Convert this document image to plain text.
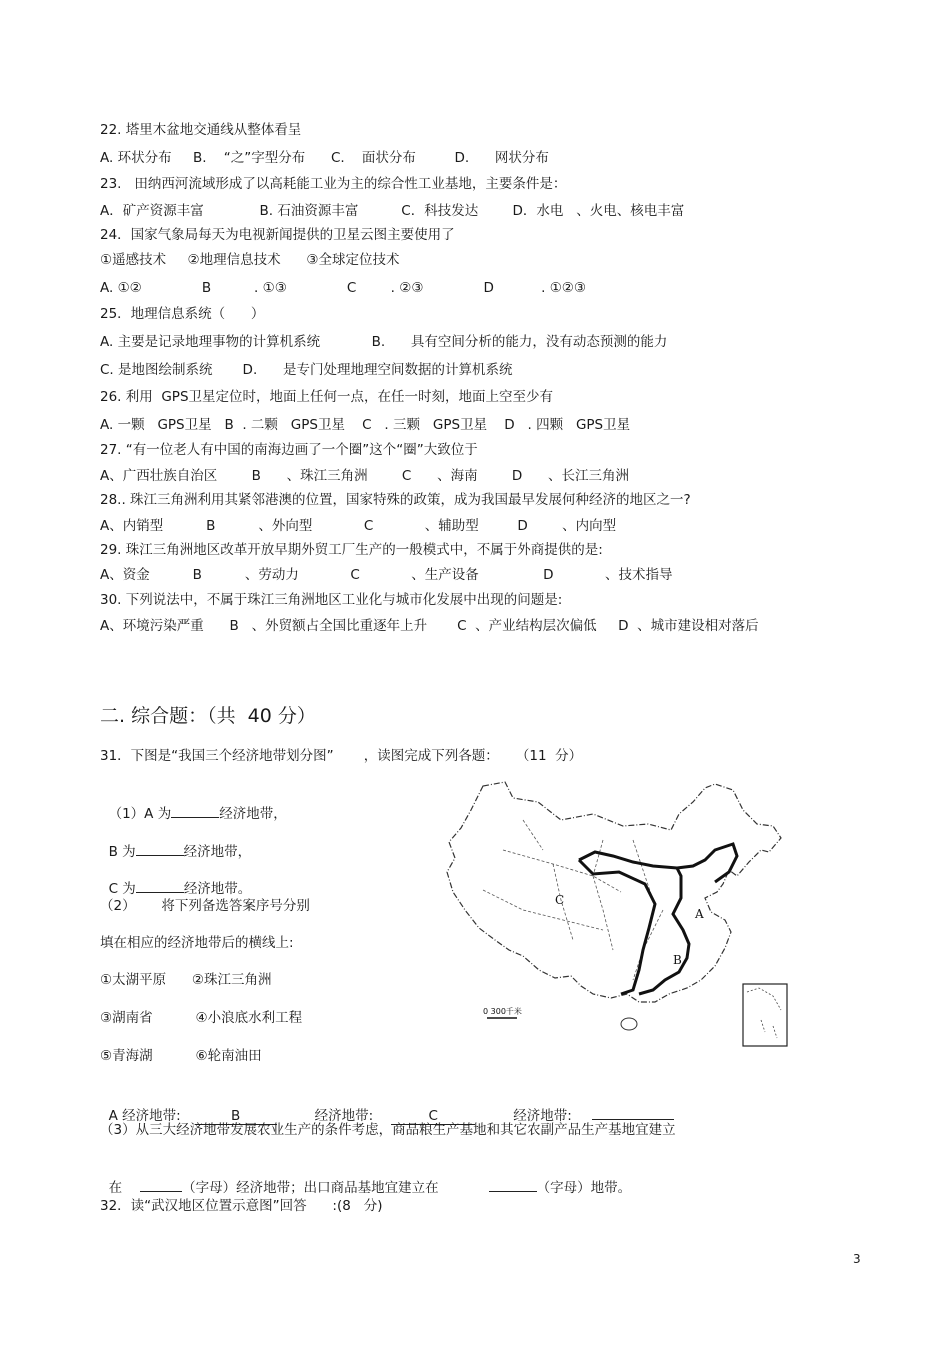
22. 塔里木盆地交通线从整体看呈
A. 环状分布     B.    “之”字型分布      C.    面状分布         D.      网状分布
23.   田纳西河流域形成了以高耗能工业为主的综合性工业基地，主要条件是：
A．矿产资源丰富             B. 石油资源丰富          C．科技发达        D．水电   、火电、核电丰富
24．国家气象局每天为电视新闻提供的卫星云图主要使用了
①遥感技术     ②地理信息技术      ③全球定位技术
A. ①②              B          . ①③              C        . ②③              D           . ①②③
25．地理信息系统（      ）
A. 主要是记录地理事物的计算机系统            B.      具有空间分析的能力，没有动态预测的能力
C. 是地图绘制系统       D.      是专门处理地理空间数据的计算机系统
26. 利用  GPS卫星定位时，地面上任何一点，在任一时刻，地面上空至少有
A. 一颗   GPS卫星   B  . 二颗   GPS卫星    C   . 三颗   GPS卫星    D   . 四颗   GPS卫星
27. “有一位老人有中国的南海边画了一个圈”这个“圈”大致位于
A、广西壮族自治区        B      、珠江三角洲        C      、海南        D      、长江三角洲
28.. 珠江三角洲利用其紧邻港澳的位置，国家特殊的政策，成为我国最早发展何种经济的地区之一?
A、内销型          B          、外向型            C            、辅助型         D        、内向型
29. 珠江三角洲地区改革开放早期外贸工厂生产的一般模式中，不属于外商提供的是:
A、资金          B          、劳动力            C            、生产设备               D            、技术指导
30. 下列说法中，不属于珠江三角洲地区工业化与城市化发展中出现的问题是:
A、环境污染严重      B   、外贸额占全国比重逐年上升       C  、产业结构层次偏低     D  、城市建设相对落后
二. 综合题：（共  40 分）
31．下图是“我国三个经济地带划分图”       ，读图完成下列各题：    （11  分）

（1）A 为	经济地带，

B 为	经济地带，

C 为	经济地带。

（2）      将下列备选答案序号分别
填在相应的经济地带后的横线上:
①太湖平原      ②珠江三角洲
③湖南省          ④小浪底水利工程
⑤青海湖          ⑥轮南油田

A 经济地带:	B	经济地带:	C	经济地带:

（3）从三大经济地带发展农业生产的条件考虑，商品粮生产基地和其它农副产品生产基地宜建立

在	（字母）经济地带；出口商品基地宜建立在	（字母）地带。

32．读“武汉地区位置示意图”回答      :(8   分)
A
B
C
0 300千米
3
